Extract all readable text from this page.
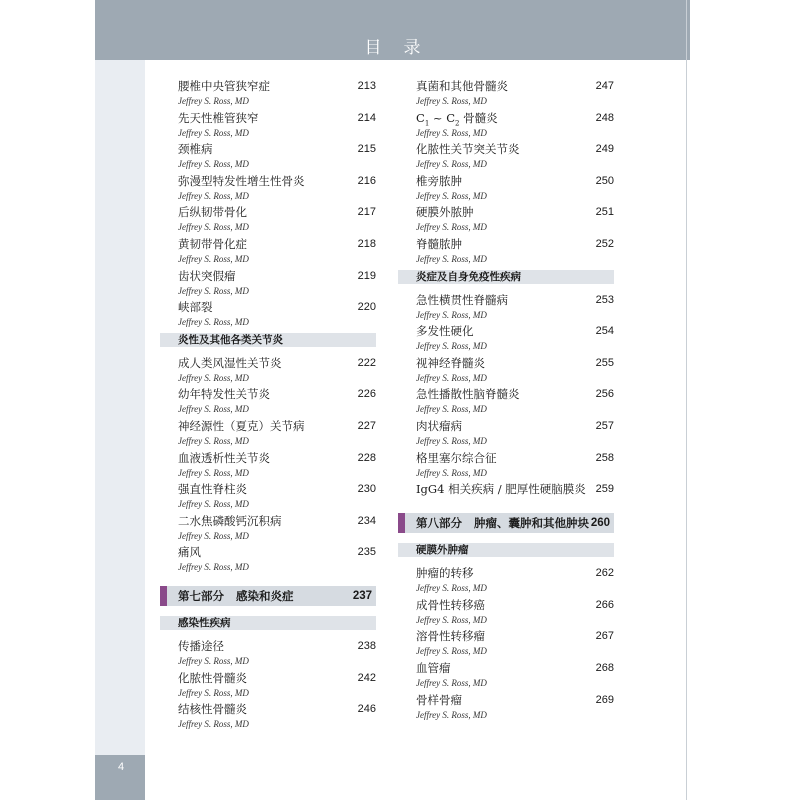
目录
4
腰椎中央管狭窄症	213
Jeffrey S. Ross, MD
先天性椎管狭窄	214
Jeffrey S. Ross, MD
颈椎病	215
Jeffrey S. Ross, MD
弥漫型特发性增生性骨炎	216
Jeffrey S. Ross, MD
后纵韧带骨化	217
Jeffrey S. Ross, MD
黄韧带骨化症	218
Jeffrey S. Ross, MD
齿状突假瘤	219
Jeffrey S. Ross, MD
峡部裂	220
Jeffrey S. Ross, MD
炎性及其他各类关节炎
成人类风湿性关节炎	222
Jeffrey S. Ross, MD
幼年特发性关节炎	226
Jeffrey S. Ross, MD
神经源性（夏克）关节病	227
Jeffrey S. Ross, MD
血液透析性关节炎	228
Jeffrey S. Ross, MD
强直性脊柱炎	230
Jeffrey S. Ross, MD
二水焦磷酸钙沉积病	234
Jeffrey S. Ross, MD
痛风	235
Jeffrey S. Ross, MD
第七部分 感染和炎症	237
感染性疾病
传播途径	238
Jeffrey S. Ross, MD
化脓性骨髓炎	242
Jeffrey S. Ross, MD
结核性骨髓炎	246
Jeffrey S. Ross, MD
真菌和其他骨髓炎	247
Jeffrey S. Ross, MD
$C_1$ ~ $C_2$ 骨髓炎	248
Jeffrey S. Ross, MD
化脓性关节突关节炎	249
Jeffrey S. Ross, MD
椎旁脓肿	250
Jeffrey S. Ross, MD
硬膜外脓肿	251
Jeffrey S. Ross, MD
脊髓脓肿	252
Jeffrey S. Ross, MD
炎症及自身免疫性疾病
急性横贯性脊髓病	253
Jeffrey S. Ross, MD
多发性硬化	254
Jeffrey S. Ross, MD
视神经脊髓炎	255
Jeffrey S. Ross, MD
急性播散性脑脊髓炎	256
Jeffrey S. Ross, MD
肉状瘤病	257
Jeffrey S. Ross, MD
格里塞尔综合征	258
Jeffrey S. Ross, MD
IgG4 相关疾病 / 肥厚性硬脑膜炎 259
第八部分 肿瘤、囊肿和其他肿块 260
硬膜外肿瘤
肿瘤的转移	262
Jeffrey S. Ross, MD
成骨性转移癌	266
Jeffrey S. Ross, MD
溶骨性转移瘤	267
Jeffrey S. Ross, MD
血管瘤	268
Jeffrey S. Ross, MD
骨样骨瘤	269
Jeffrey S. Ross, MD
